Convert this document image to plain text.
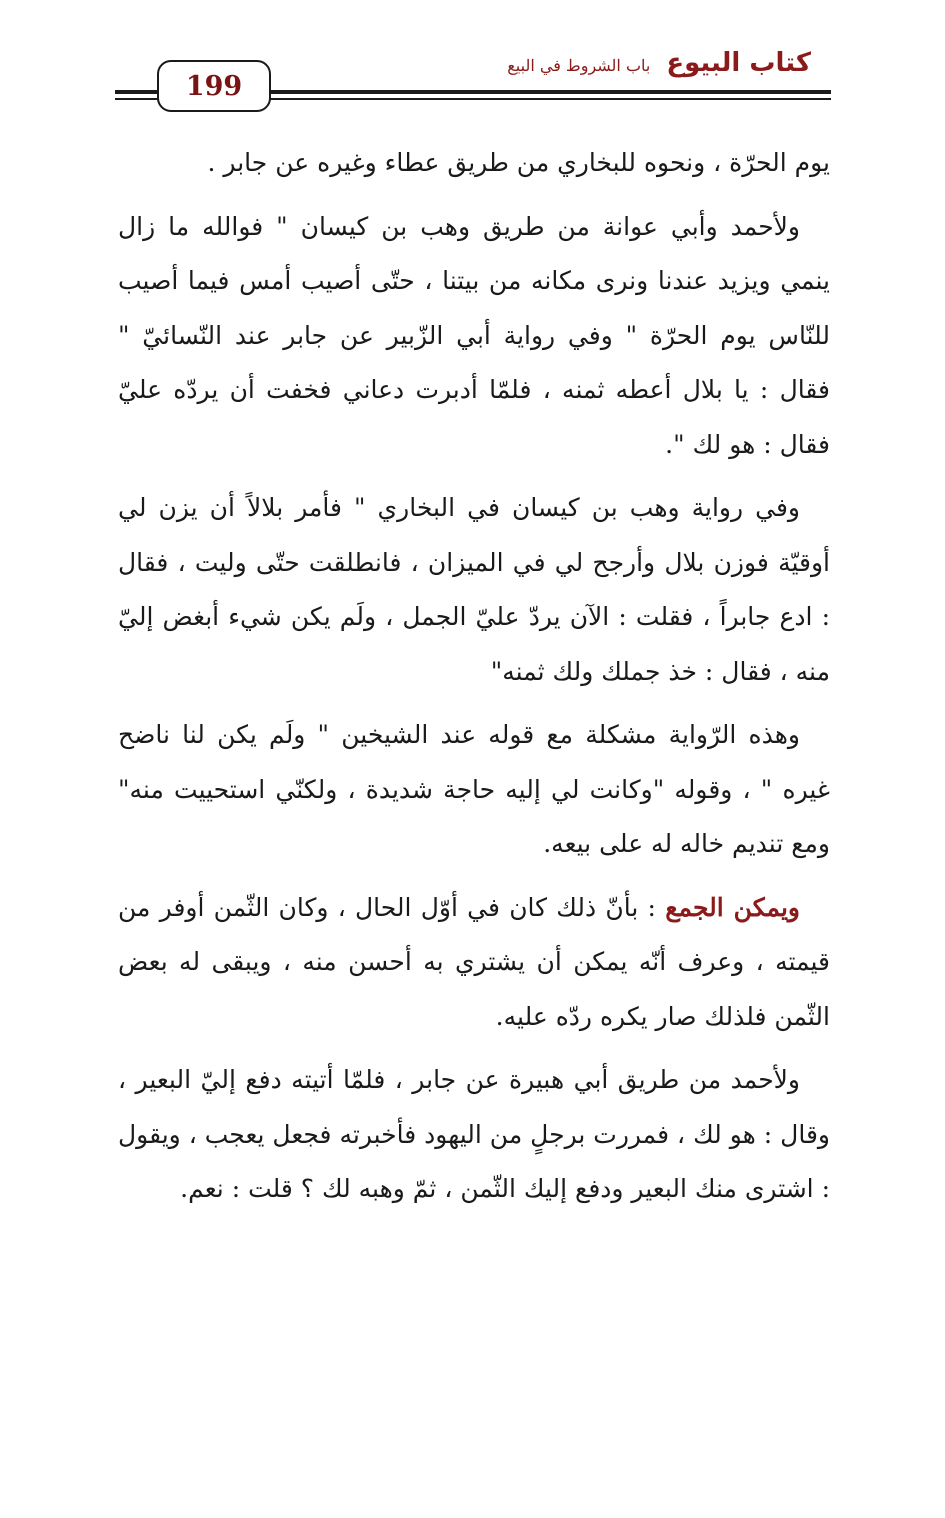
199
كتاب البيوع
باب الشروط في البيع

يوم الحرّة ، ونحوه للبخاري من طريق عطاء وغيره عن جابر .

ولأحمد وأبي عوانة من طريق وهب بن كيسان " فوالله ما زال ينمي ويزيد عندنا ونرى مكانه من بيتنا ، حتّى أصيب أمس فيما أصيب للنّاس يوم الحرّة " وفي رواية أبي الزّبير عن جابر عند النّسائيّ " فقال : يا بلال أعطه ثمنه ، فلمّا أدبرت دعاني فخفت أن يردّه عليّ فقال : هو لك ".

وفي رواية وهب بن كيسان في البخاري " فأمر بلالاً أن يزن لي أوقيّة فوزن بلال وأرجح لي في الميزان ، فانطلقت حتّى وليت ، فقال : ادع جابراً ، فقلت : الآن يردّ عليّ الجمل ، ولَم يكن شيء أبغض إليّ منه ، فقال : خذ جملك ولك ثمنه"

وهذه الرّواية مشكلة مع قوله عند الشيخين " ولَم يكن لنا ناضح غيره " ، وقوله "وكانت لي إليه حاجة شديدة ، ولكنّي استحييت منه" ومع تنديم خاله له على بيعه.

ويمكن الجمع : بأنّ ذلك كان في أوّل الحال ، وكان الثّمن أوفر من قيمته ، وعرف أنّه يمكن أن يشتري به أحسن منه ، ويبقى له بعض الثّمن فلذلك صار يكره ردّه عليه.

ولأحمد من طريق أبي هبيرة عن جابر ، فلمّا أتيته دفع إليّ البعير ، وقال : هو لك ، فمررت برجلٍ من اليهود فأخبرته فجعل يعجب ، ويقول : اشترى منك البعير ودفع إليك الثّمن ، ثمّ وهبه لك ؟ قلت : نعم.
